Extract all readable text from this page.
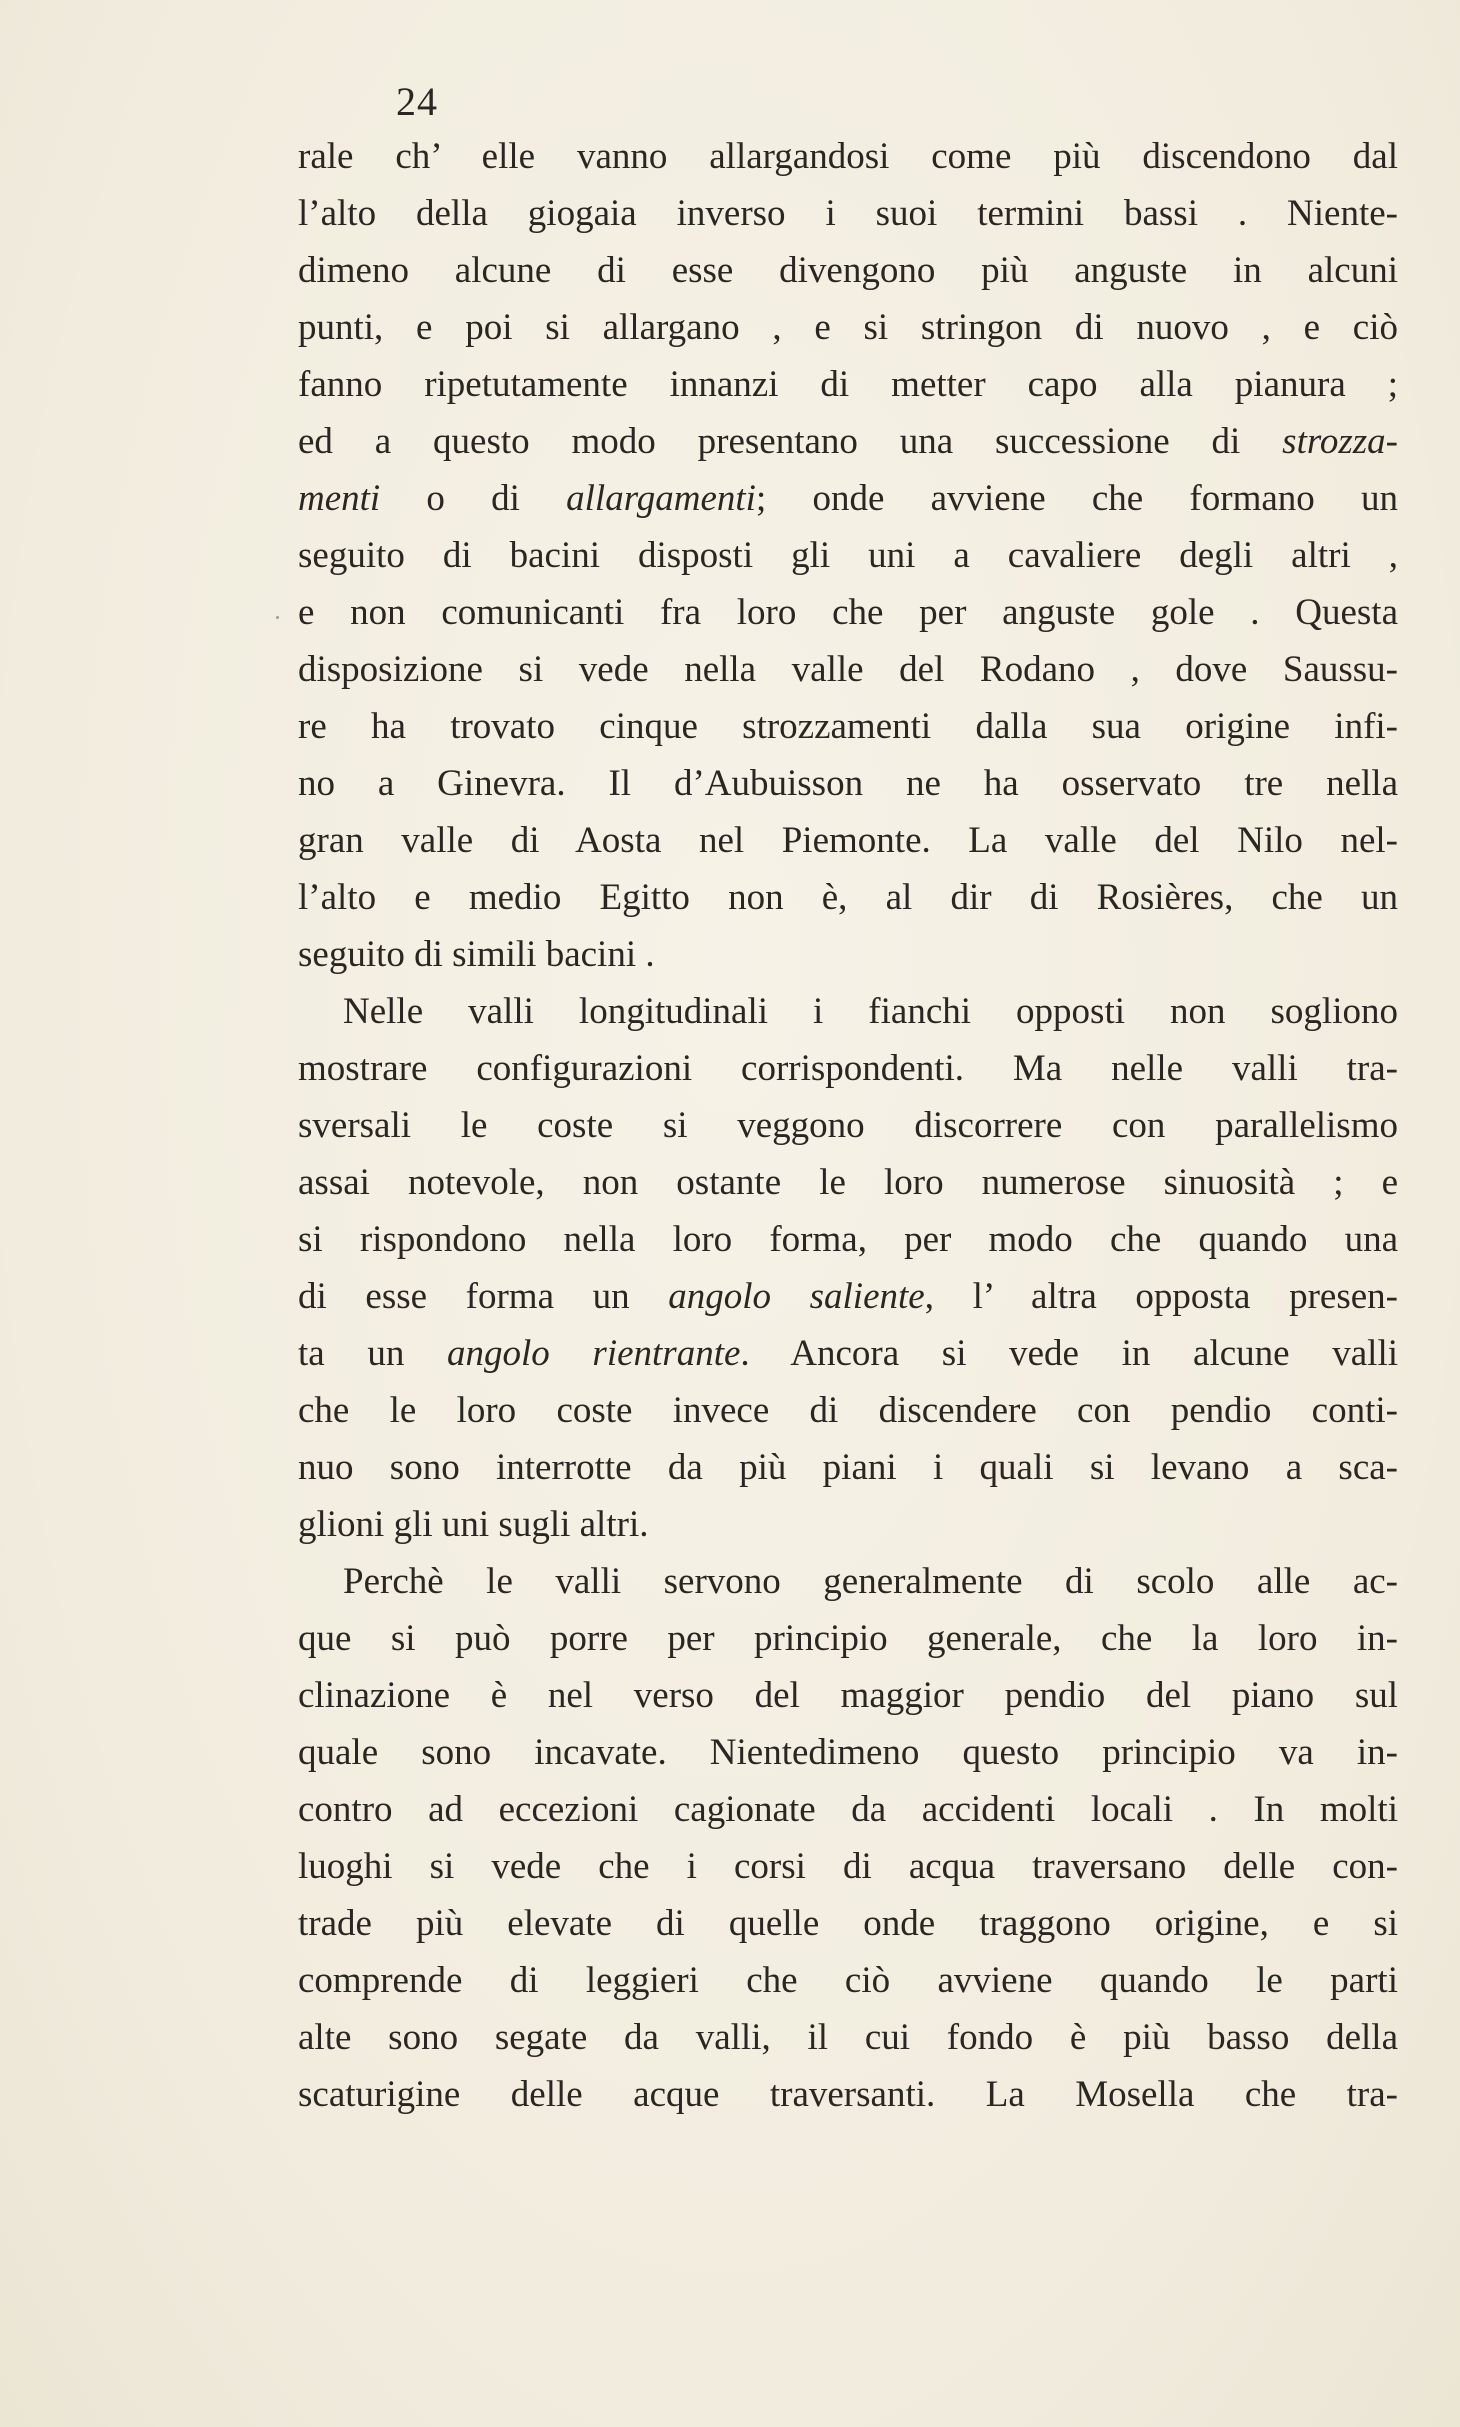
24
rale ch’ elle vanno allargandosi come più discendono dal
l’alto della giogaia inverso i suoi termini bassi . Niente-
dimeno alcune di esse divengono più anguste in alcuni
punti, e poi si allargano , e si stringon di nuovo , e ciò
fanno ripetutamente innanzi di metter capo alla pianura ;
ed a questo modo presentano una successione di strozza-
menti o di allargamenti; onde avviene che formano un
seguito di bacini disposti gli uni a cavaliere degli altri ,
e non comunicanti fra loro che per anguste gole . Questa
disposizione si vede nella valle del Rodano , dove Saussu-
re ha trovato cinque strozzamenti dalla sua origine infi-
no a Ginevra. Il d’Aubuisson ne ha osservato tre nella
gran valle di Aosta nel Piemonte. La valle del Nilo nel-
l’alto e medio Egitto non è, al dir di Rosières, che un
seguito di simili bacini .
Nelle valli longitudinali i fianchi opposti non sogliono
mostrare configurazioni corrispondenti. Ma nelle valli tra-
sversali le coste si veggono discorrere con parallelismo
assai notevole, non ostante le loro numerose sinuosità ; e
si rispondono nella loro forma, per modo che quando una
di esse forma un angolo saliente, l’ altra opposta presen-
ta un angolo rientrante. Ancora si vede in alcune valli
che le loro coste invece di discendere con pendio conti-
nuo sono interrotte da più piani i quali si levano a sca-
glioni gli uni sugli altri.
Perchè le valli servono generalmente di scolo alle ac-
que si può porre per principio generale, che la loro in-
clinazione è nel verso del maggior pendio del piano sul
quale sono incavate. Nientedimeno questo principio va in-
contro ad eccezioni cagionate da accidenti locali . In molti
luoghi si vede che i corsi di acqua traversano delle con-
trade più elevate di quelle onde traggono origine, e si
comprende di leggieri che ciò avviene quando le parti
alte sono segate da valli, il cui fondo è più basso della
scaturigine delle acque traversanti. La Mosella che tra-
